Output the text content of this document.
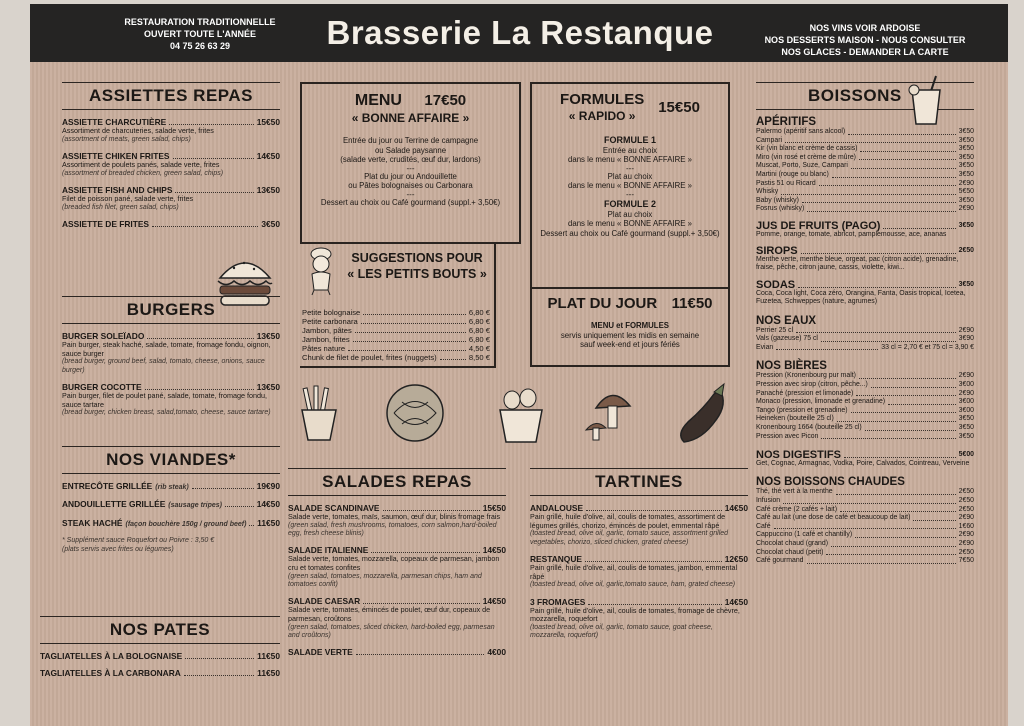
RESTAURATION TRADITIONNELLE
OUVERT TOUTE L'ANNÉE
04 75 26 63 29	Brasserie La Restanque	NOS VINS VOIR ARDOISE
NOS DESSERTS MAISON - NOUS CONSULTER
NOS GLACES - DEMANDER LA CARTE
ASSIETTES REPAS
ASSIETTE CHARCUTIÈRE	15€50
Assortiment de charcuteries, salade verte, frites
(assortment of meats, green salad, chips)
ASSIETTE CHIKEN FRITES	14€50
Assortiment de poulets panés, salade verte, frites
(assortment of breaded chicken, green salad, chips)
ASSIETTE FISH AND CHIPS	13€50
Filet de poisson pané, salade verte, frites
(breaded fish filet, green salad, chips)
ASSIETTE DE FRITES	3€50
BURGERS
BURGER SOLEÏADO	13€50
Pain burger, steak haché, salade, tomate, fromage fondu, oignon, sauce burger
(bread burger, ground beef, salad, tomato, cheese, onions, sauce burger)
BURGER COCOTTE	13€50
Pain burger, filet de poulet pané, salade, tomate, fromage fondu, sauce tartare
(bread burger, chicken breast, salad,tomato, cheese, sauce tartare)
NOS VIANDES*
ENTRECÔTE GRILLÉE (rib steak)	19€90
ANDOUILLETTE GRILLÉE (sausage tripes)	14€50
STEAK HACHÉ (façon bouchère 150g / ground beef) 11€50
* Supplément sauce Roquefort ou Poivre : 3,50 €
(plats servis avec frites ou légumes)
NOS PATES
TAGLIATELLES À LA BOLOGNAISE	11€50
TAGLIATELLES À LA CARBONARA	11€50
MENU 17€50
« BONNE AFFAIRE »
Entrée du jour ou Terrine de campagne
ou Salade paysanne
(salade verte, crudités, œuf dur, lardons)
---
Plat du jour ou Andouillette
ou Pâtes bolognaises ou Carbonara
---
Dessert au choix ou Café gourmand (suppl.+ 3,50€)
SUGGESTIONS POUR
« LES PETITS BOUTS »
Petite bolognaise	6,80 €
Petite carbonara	6,80 €
Jambon, pâtes	6,80 €
Jambon, frites	6,80 €
Pâtes nature	4,50 €
Chunk de filet de poulet, frites (nuggets)	8,50 €
FORMULES
« RAPIDO »	15€50
FORMULE 1
Entrée au choix
dans le menu « BONNE AFFAIRE »
---
Plat au choix
dans le menu « BONNE AFFAIRE »
---
FORMULE 2
Plat au choix
dans le menu « BONNE AFFAIRE »
Dessert au choix ou Café gourmand (suppl.+ 3,50€)
PLAT DU JOUR 11€50
MENU et FORMULES
servis uniquement les midis en semaine
sauf week-end et jours fériés
SALADES REPAS
SALADE SCANDINAVE	15€50
Salade verte, tomates, maïs, saumon, œuf dur, blinis fromage frais
(green salad, fresh mushrooms, tomatoes, corn salmon,hard-boiled egg, fresh cheese blinis)
SALADE ITALIENNE	14€50
Salade verte, tomates, mozzarella, copeaux de parmesan, jambon cru et tomates confites
(green salad, tomatoes, mozzarella, parmesan chips, ham and tomatoes confit)
SALADE CAESAR	14€50
Salade verte, tomates, émincés de poulet, œuf dur, copeaux de parmesan, croûtons
(green salad, tomatoes, sliced chicken, hard-boiled egg, parmesan and croûtons)
SALADE VERTE	4€00
TARTINES
ANDALOUSE	14€50
Pain grillé, huile d'olive, ail, coulis de tomates, assortiment de légumes grillés, chorizo, émincés de poulet, emmental râpé
(toasted bread, olive oil, garlic, tomato sauce, assortment grilled vegetables, chorizo, sliced chicken, grated cheese)
RESTANQUE	12€50
Pain grillé, huile d'olive, ail, coulis de tomates, jambon, emmental râpé
(toasted bread, olive oil, garlic,tomato sauce, ham, grated cheese)
3 FROMAGES	14€50
Pain grillé, huile d'olive, ail, coulis de tomates, fromage de chèvre, mozzarella, roquefort
(toasted bread, olive oil, garlic, tomato sauce, goat cheese, mozzarella, roquefort)
BOISSONS
APÉRITIFS
Palermo (apéritif sans alcool)	3€50
Campari	3€50
Kir (vin blanc et crème de cassis)	3€50
Miro (vin rosé et crème de mûre)	3€50
Muscat, Porto, Suze, Campari	3€50
Martini (rouge ou blanc)	3€50
Pastis 51 ou Ricard	2€90
Whisky	5€50
Baby (whisky)	3€50
Fosrus (whisky)	2€90
JUS DE FRUITS (PAGO)	3€50
Pomme, orange, tomate, abricot, pamplemousse, ace, ananas
SIROPS	2€50
Menthe verte, menthe bleue, orgeat, pac (citron acide), grenadine, fraise, pêche, citron jaune, cassis, violette, kiwi...
SODAS	3€50
Coca, Coca light, Coca zéro, Orangina, Fanta, Oasis tropical, Icetea, Fuzetea, Schweppes (nature, agrumes)
NOS EAUX
Perrier 25 cl	2€90
Vals (gazeuse) 75 cl	3€90
Evian	33 cl = 2,70 € et 75 cl = 3,90 €
NOS BIÈRES
Pression (Kronenbourg pur malt)	2€90
Pression avec sirop (citron, pêche...)	3€00
Panaché (pression et limonade)	2€90
Monaco (pression, limonade et grenadine)	3€00
Tango (pression et grenadine)	3€00
Heineken (bouteille 25 cl)	3€50
Kronenbourg 1664 (bouteille 25 cl)	3€50
Pression avec Picon	3€50
NOS DIGESTIFS	5€00
Get, Cognac, Armagnac, Vodka, Poire, Calvados, Cointreau, Verveine
NOS BOISSONS CHAUDES
Thé, thé vert à la menthe	2€50
Infusion	2€50
Café crème (2 cafés + lait)	2€50
Café au lait (une dose de café et beaucoup de lait)	2€90
Café	1€60
Cappuccino (1 café et chantilly)	2€90
Chocolat chaud (grand)	2€90
Chocolat chaud (petit)	2€50
Café gourmand	7€50
